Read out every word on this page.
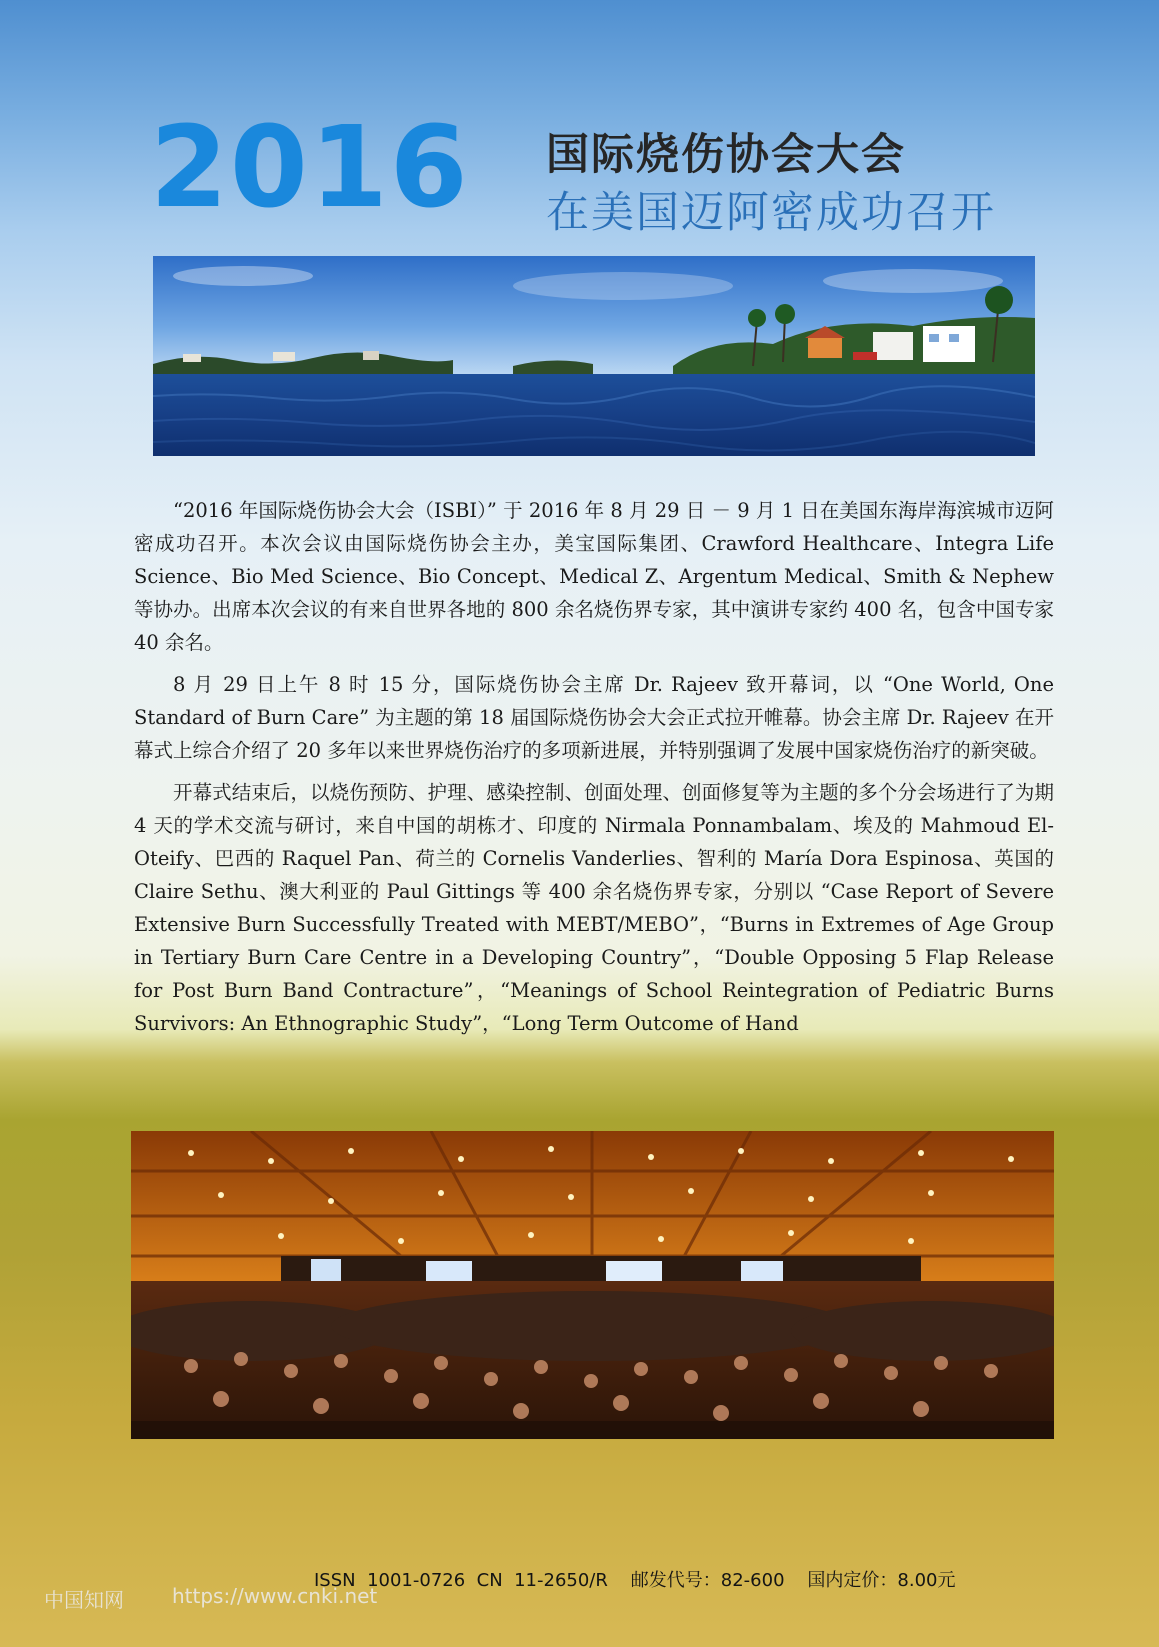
2016 国际烧伤协会大会
在美国迈阿密成功召开

“2016 年国际烧伤协会大会（ISBI）” 于 2016 年 8 月 29 日 － 9 月 1 日在美国东海岸海滨城市迈阿密成功召开。本次会议由国际烧伤协会主办，美宝国际集团、Crawford Healthcare、Integra Life Science、Bio Med Science、Bio Concept、Medical Z、Argentum Medical、Smith & Nephew 等协办。出席本次会议的有来自世界各地的 800 余名烧伤界专家，其中演讲专家约 400 名，包含中国专家 40 余名。

8 月 29 日上午 8 时 15 分，国际烧伤协会主席 Dr. Rajeev 致开幕词，以 “One World, One Standard of Burn Care” 为主题的第 18 届国际烧伤协会大会正式拉开帷幕。协会主席 Dr. Rajeev 在开幕式上综合介绍了 20 多年以来世界烧伤治疗的多项新进展，并特别强调了发展中国家烧伤治疗的新突破。

开幕式结束后，以烧伤预防、护理、感染控制、创面处理、创面修复等为主题的多个分会场进行了为期 4 天的学术交流与研讨，来自中国的胡栋才、印度的 Nirmala Ponnambalam、埃及的 Mahmoud El-Oteify、巴西的 Raquel Pan、荷兰的 Cornelis Vanderlies、智利的 María Dora Espinosa、英国的 Claire Sethu、澳大利亚的 Paul Gittings 等 400 余名烧伤界专家，分别以 “Case Report of Severe Extensive Burn Successfully Treated with MEBT/MEBO”，“Burns in Extremes of Age Group in Tertiary Burn Care Centre in a Developing Country”，“Double Opposing 5 Flap Release for Post Burn Band Contracture”，“Meanings of School Reintegration of Pediatric Burns Survivors: An Ethnographic Study”，“Long Term Outcome of Hand

ISSN  1001-0726  CN  11-2650/R    邮发代号：82-600    国内定价：8.00元
中国知网 https://www.cnki.net
